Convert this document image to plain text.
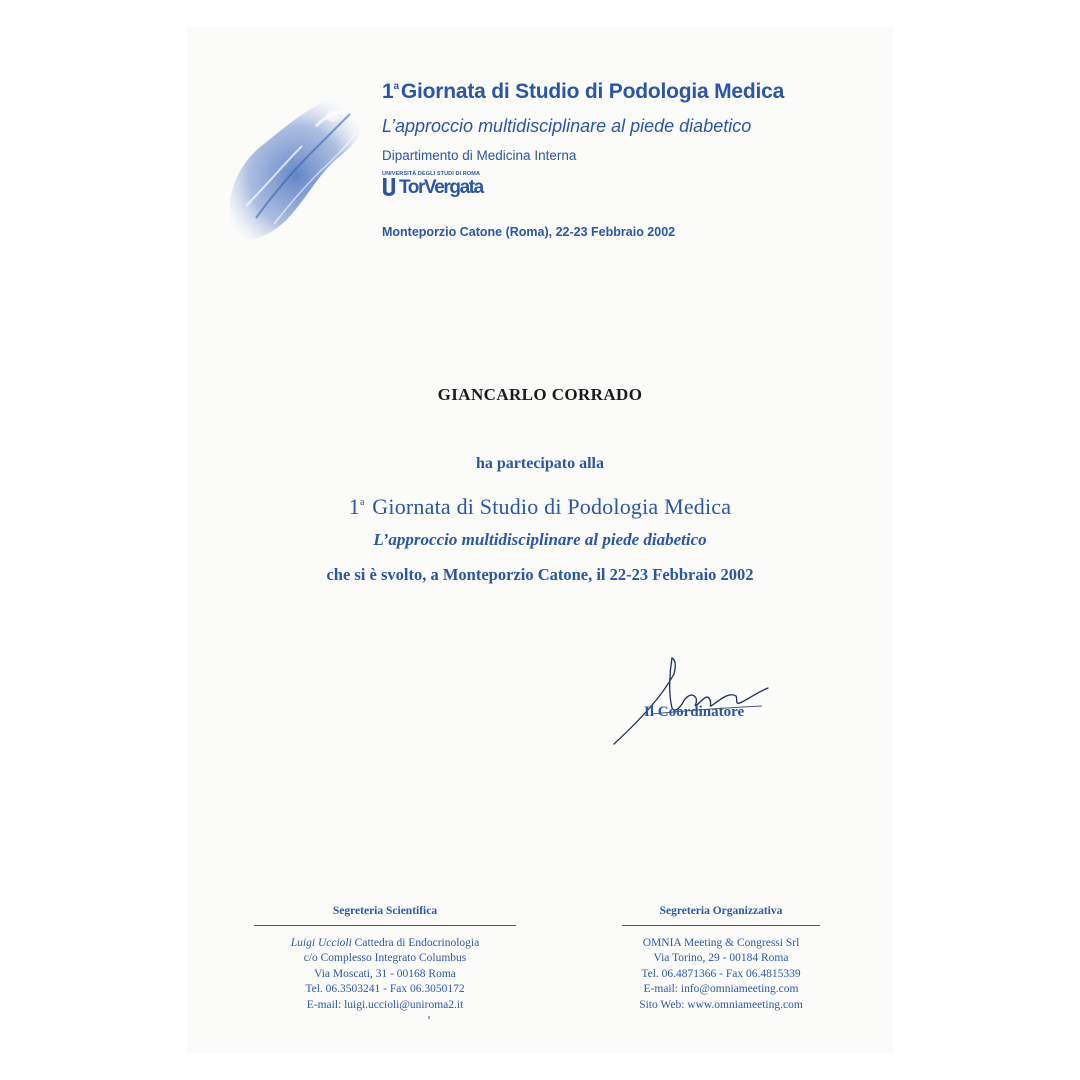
1$^a$Giornata di Studio di Podologia Medica
L’approccio multidisciplinare al piede diabetico
Dipartimento di Medicina Interna
UNIVERSITÀ DEGLI STUDI DI ROMA
TorVergata
Monteporzio Catone (Roma), 22-23 Febbraio 2002
GIANCARLO CORRADO
ha partecipato alla
1$^a$ Giornata di Studio di Podologia Medica
L’approccio multidisciplinare al piede diabetico
che si è svolto, a Monteporzio Catone, il 22-23 Febbraio 2002
Il Coordinatore
Segreteria Scientifica
Luigi Uccioli Cattedra di Endocrinologia
c/o Complesso Integrato Columbus
Via Moscati, 31 - 00168 Roma
Tel. 06.3503241 - Fax 06.3050172
E-mail: luigi.uccioli@uniroma2.it
Segreteria Organizzativa
OMNIA Meeting & Congressi Srl
Via Torino, 29 - 00184 Roma
Tel. 06.4871366 - Fax 06.4815339
E-mail: info@omniameeting.com
Sito Web: www.omniameeting.com
